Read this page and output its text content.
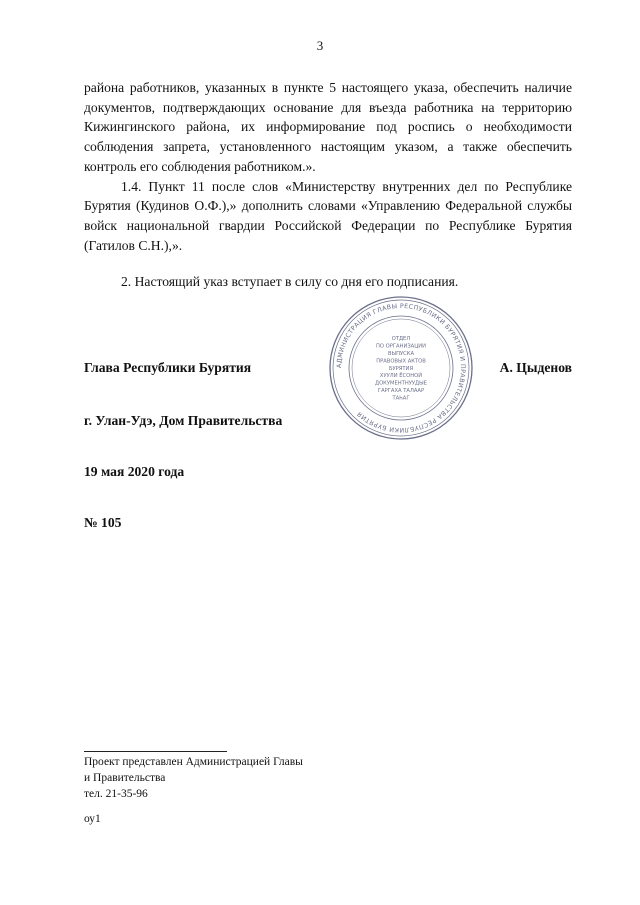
3

района работников, указанных в пункте 5 настоящего указа, обеспечить наличие документов, подтверждающих основание для въезда работника на территорию Кижингинского района, их информирование под роспись о необходимости соблюдения запрета, установленного настоящим указом, а также обеспечить контроль его соблюдения работником.».

1.4. Пункт 11 после слов «Министерству внутренних дел по Республике Бурятия (Кудинов О.Ф.),» дополнить словами «Управлению Федеральной службы войск национальной гвардии Российской Федерации по Республике Бурятия (Гатилов С.Н.),».

2. Настоящий указ вступает в силу со дня его подписания.

АДМИНИСТРАЦИЯ ГЛАВЫ РЕСПУБЛИКИ БУРЯТИЯ И ПРАВИТЕЛЬСТВА РЕСПУБЛИКИ БУРЯТИЯ
ОТДЕЛ
ПО ОРГАНИЗАЦИИ
ВЫПУСКА
ПРАВОВЫХ АКТОВ
БУРЯТИЯ
ХУУЛИ ЁСОНОЙ
ДОКУМЕНТНУУДЫЕ
ГАРГАХА ТАЛААР
ТАҺАГ
Глава Республики Бурятия	А. Цыденов
г. Улан-Удэ, Дом Правительства
19 мая 2020 года
№ 105
Проект представлен Администрацией Главы
и Правительства
тел. 21-35-96
оу1
